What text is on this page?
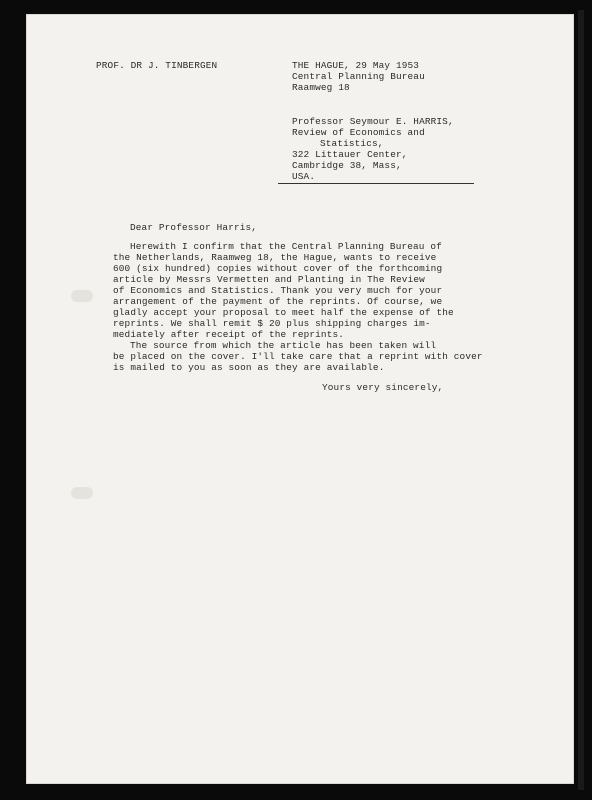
PROF. DR J. TINBERGEN	THE HAGUE, 29 May 1953
Central Planning Bureau
Raamweg 18
Professor Seymour E. HARRIS,
Review of Economics and
Statistics,
322 Littauer Center,
Cambridge 38, Mass,
USA.
Dear Professor Harris,
Herewith I confirm that the Central Planning Bureau of
the Netherlands, Raamweg 18, the Hague, wants to receive
600 (six hundred) copies without cover of the forthcoming
article by Messrs Vermetten and Planting in The Review
of Economics and Statistics. Thank you very much for your
arrangement of the payment of the reprints. Of course, we
gladly accept your proposal to meet half the expense of the
reprints. We shall remit $ 20 plus shipping charges im-
mediately after receipt of the reprints.
The source from which the article has been taken will
be placed on the cover. I'll take care that a reprint with cover
is mailed to you as soon as they are available.
Yours very sincerely,
